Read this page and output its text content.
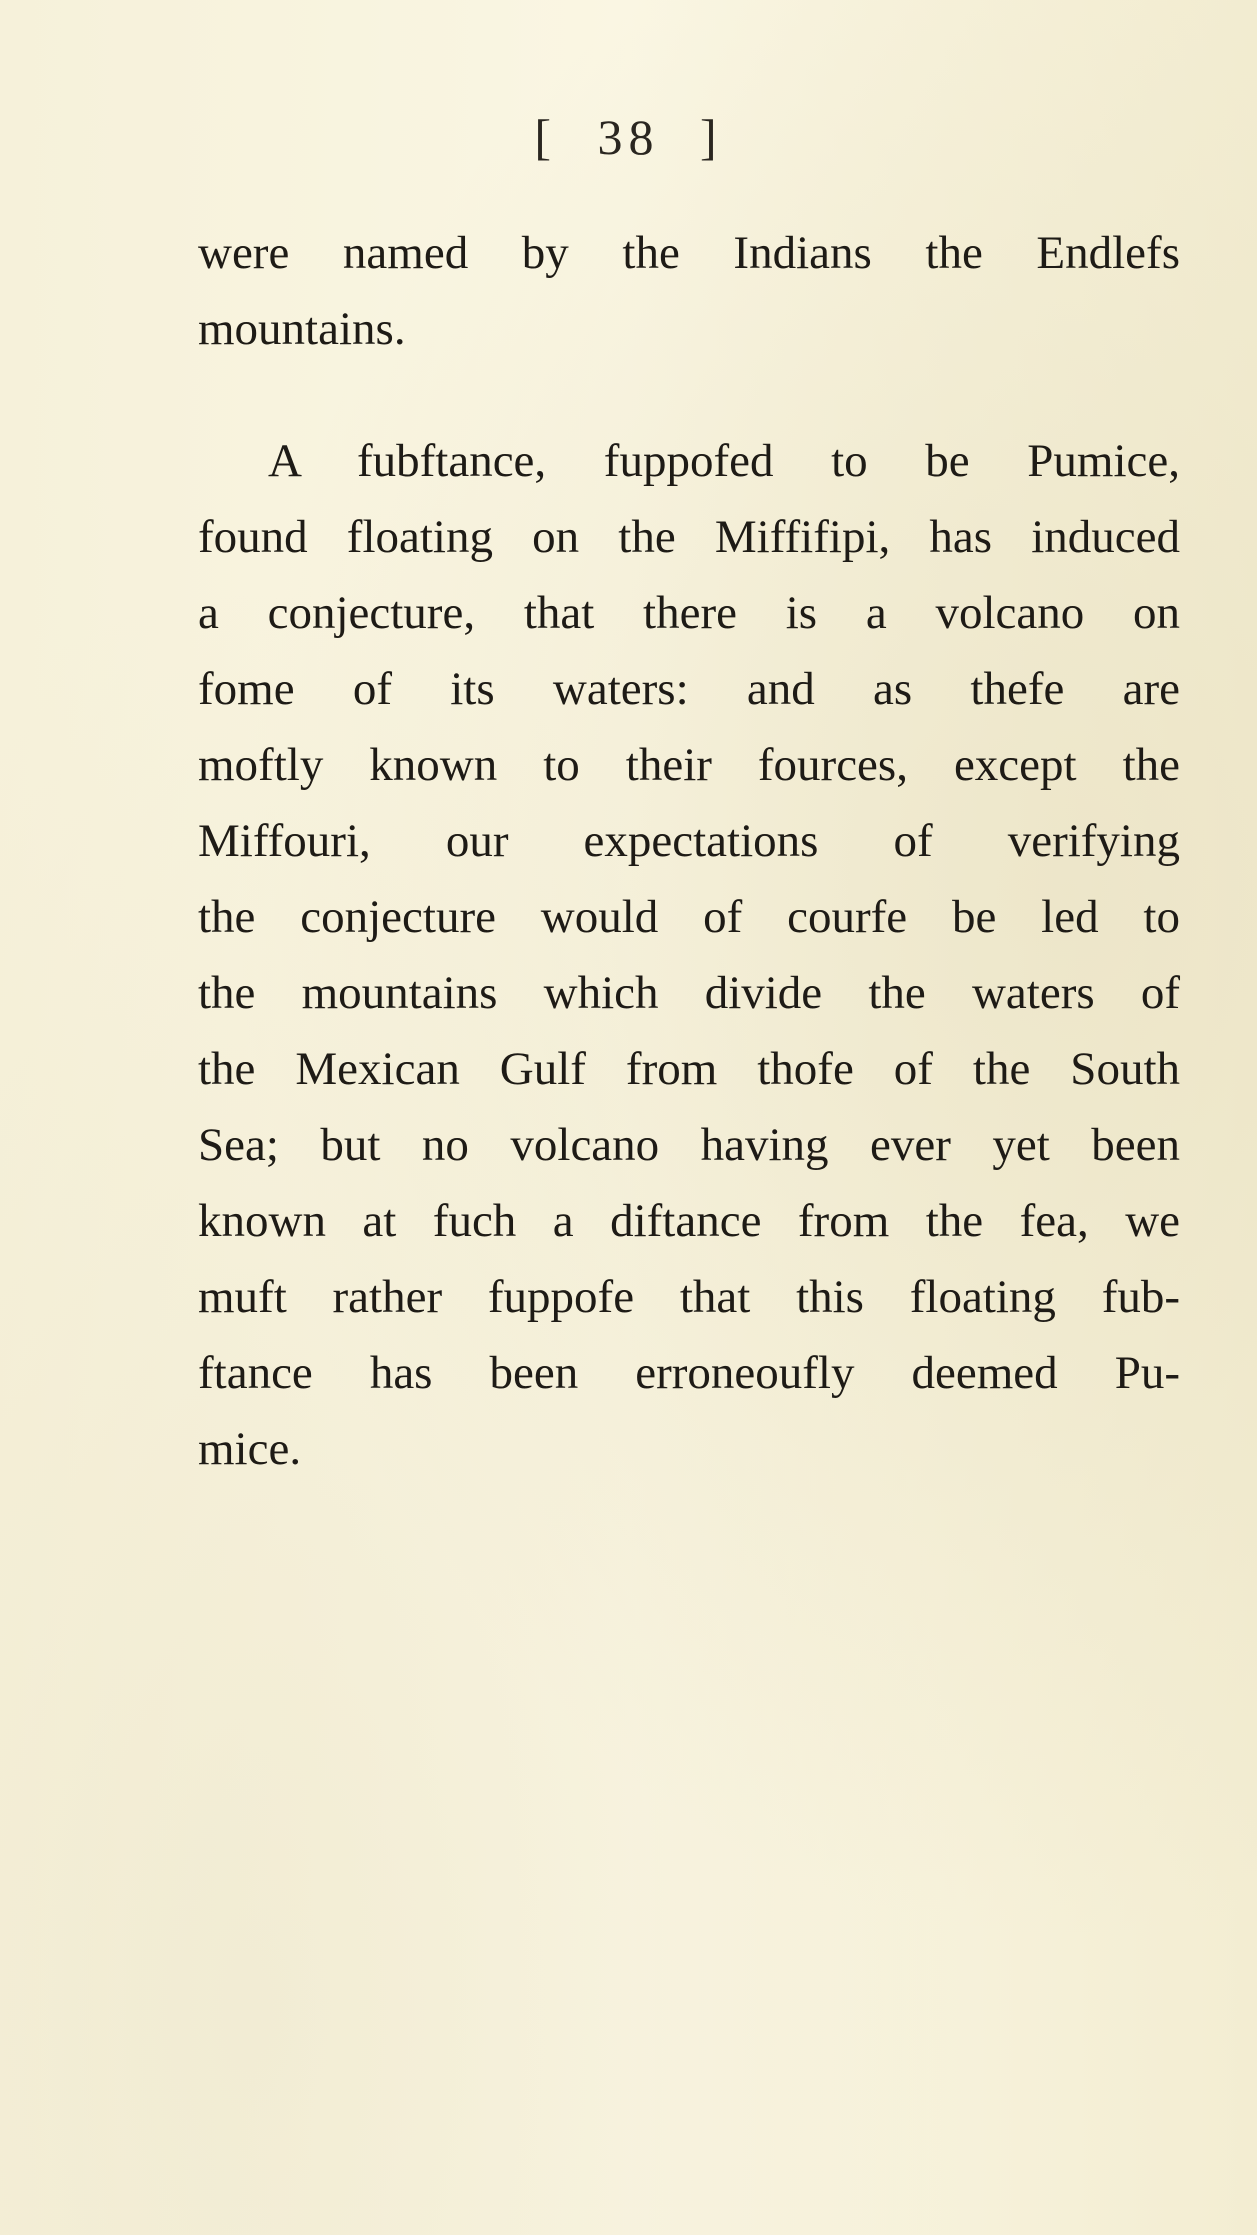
[ 38 ]
were named by the Indians the Endlefs
mountains.
A fubftance, fuppofed to be Pumice,
found floating on the Miffifipi, has induced
a conjecture, that there is a volcano on
fome of its waters: and as thefe are
moftly known to their fources, except the
Miffouri, our expectations of verifying
the conjecture would of courfe be led to
the mountains which divide the waters of
the Mexican Gulf from thofe of the South
Sea; but no volcano having ever yet been
known at fuch a diftance from the fea, we
muft rather fuppofe that this floating fub-
ftance has been erroneoufly deemed Pu-
mice.
